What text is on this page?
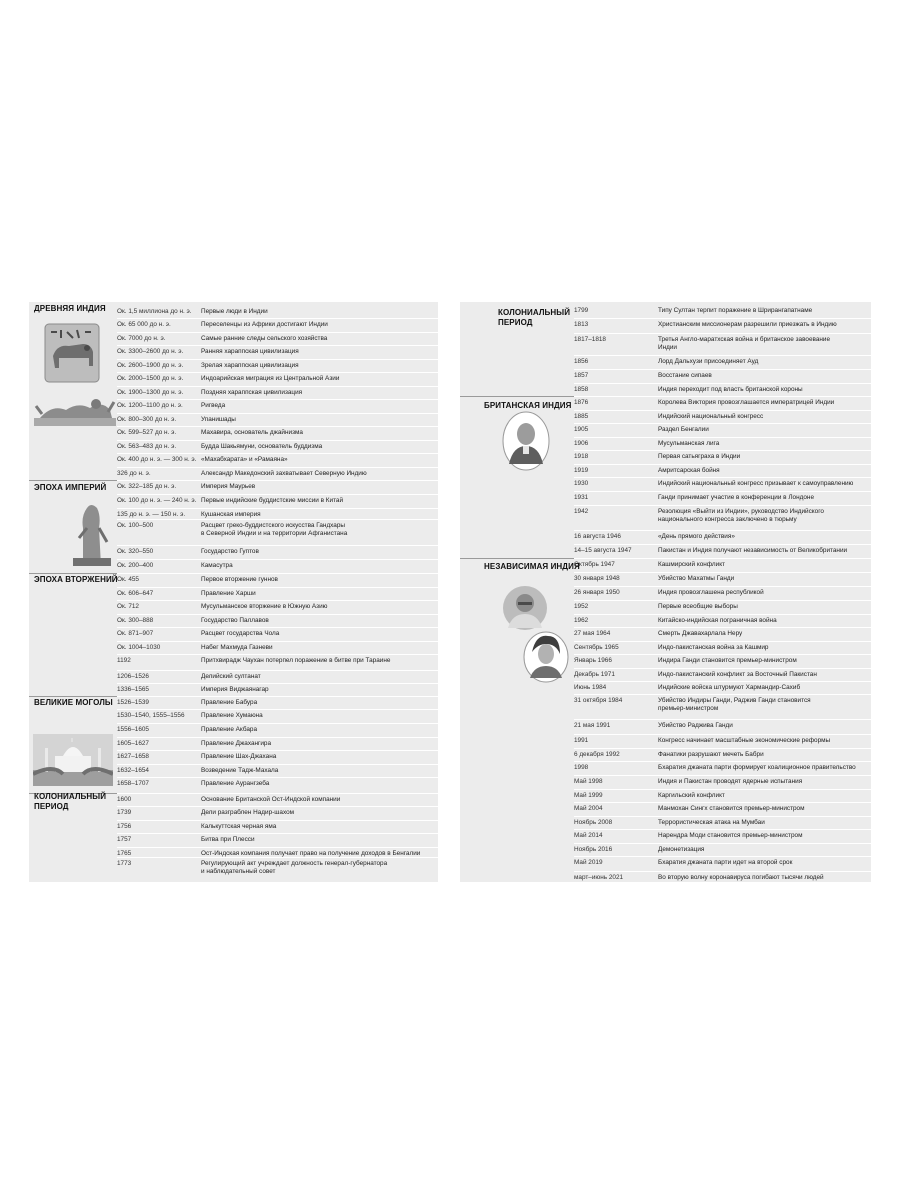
Ок. 1,5 миллиона до н. э.	Первые люди в Индии
Ок. 65 000 до н. э.	Переселенцы из Африки достигают Индии
Ок. 7000 до н. э.	Самые ранние следы сельского хозяйства
Ок. 3300–2600 до н. э.	Ранняя хараппская цивилизация
Ок. 2600–1900 до н. э.	Зрелая хараппская цивилизация
Ок. 2000–1500 до н. э.	Индоарийская миграция из Центральной Азии
Ок. 1900–1300 до н. э.	Поздняя хараппская цивилизация
Ок. 1200–1100 до н. э.	Ригведа
Ок. 800–300 до н. э.	Упанишады
Ок. 599–527 до н. э.	Махавира, основатель джайнизма
Ок. 563–483 до н. э.	Будда Шакьямуни, основатель буддизма
Ок. 400 до н. э. — 300 н. э. «Махабхарата» и «Рамаяна»
326 до н. э.	Александр Македонский захватывает Северную Индию
Ок. 322–185 до н. э.	Империя Маурьев
Ок. 100 до н. э. — 240 н. э. Первые индийские буддистские миссии в Китай
135 до н. э. — 150 н. э.	Кушанская империя
Ок. 100–500	Расцвет греко-буддистского искусства Гандхары
в Северной Индии и на территории Афганистана
Ок. 320–550	Государство Гуптов
Ок. 200–400	Камасутра
Ок. 455	Первое вторжение гуннов
Ок. 606–647	Правление Харши
Ок. 712	Мусульманское вторжение в Южную Азию
Ок. 300–888	Государство Паллавов
Ок. 871–907	Расцвет государства Чола
Ок. 1004–1030	Набег Махмуда Газневи
1192	Притхвирадж Чаухан потерпел поражение в битве при Тараине
1206–1526	Делийский султанат
1336–1565	Империя Виджаянагар
1526–1539	Правление Бабура
1530–1540, 1555–1556	Правление Хумаюна
1556–1605	Правление Акбара
1605–1627	Правление Джахангира
1627–1658	Правление Шах-Джахана
1632–1654	Возведение Тадж-Махала
1658–1707	Правление Аурангзеба
1600	Основание Британской Ост-Индской компании
1739	Дели разграблен Надир-шахом
1756	Калькуттская черная яма
1757	Битва при Плесси
1765	Ост-Индская компания получает право на получение доходов в Бенгалии
1773	Регулирующий акт учреждает должность генерал-губернатора
и наблюдательный совет
ДРЕВНЯЯ ИНДИЯ
ЭПОХА ИМПЕРИЙ
ЭПОХА ВТОРЖЕНИЙ
ВЕЛИКИЕ МОГОЛЫ
КОЛОНИАЛЬНЫЙ
ПЕРИОД
1799	Типу Султан терпит поражение в Шрирангапатнаме
1813	Христианским миссионерам разрешили приезжать в Индию
1817–1818	Третья Англо-маратхская война и британское завоевание
Индии
1856	Лорд Дальхузи присоединяет Ауд
1857	Восстание сипаев
1858	Индия переходит под власть британской короны
1876	Королева Виктория провозглашается императрицей Индии
1885	Индийский национальный конгресс
1905	Раздел Бенгалии
1906	Мусульманская лига
1918	Первая сатьяграха в Индии
1919	Амритсарская бойня
1930	Индийский национальный конгресс призывает к самоуправлению
1931	Ганди принимает участие в конференции в Лондоне
1942	Резолюция «Выйти из Индии», руководство Индийского
национального конгресса заключено в тюрьму
16 августа 1946	«День прямого действия»
14–15 августа 1947	Пакистан и Индия получают независимость от Великобритании
Октябрь 1947	Кашмирский конфликт
30 января 1948	Убийство Махатмы Ганди
26 января 1950	Индия провозглашена республикой
1952	Первые всеобщие выборы
1962	Китайско-индийская пограничная война
27 мая 1964	Смерть Джавахарлала Неру
Сентябрь 1965	Индо-пакистанская война за Кашмир
Январь 1966	Индира Ганди становится премьер-министром
Декабрь 1971	Индо-пакистанский конфликт за Восточный Пакистан
Июнь 1984	Индийские войска штурмуют Хармандир-Сахиб
31 октября 1984	Убийство Индиры Ганди, Раджив Ганди становится
премьер-министром
21 мая 1991	Убийство Раджива Ганди
1991	Конгресс начинает масштабные экономические реформы
6 декабря 1992	Фанатики разрушают мечеть Бабри
1998	Бхаратия джаната парти формирует коалиционное правительство
Май 1998	Индия и Пакистан проводят ядерные испытания
Май 1999	Каргильский конфликт
Май 2004	Манмохан Сингх становится премьер-министром
Ноябрь 2008	Террористическая атака на Мумбаи
Май 2014	Нарендра Моди становится премьер-министром
Ноябрь 2016	Демонетизация
Май 2019	Бхаратия джаната парти идет на второй срок
март–июнь 2021	Во вторую волну коронавируса погибают тысячи людей
КОЛОНИАЛЬНЫЙ
ПЕРИОД
БРИТАНСКАЯ ИНДИЯ
НЕЗАВИСИМАЯ ИНДИЯ
